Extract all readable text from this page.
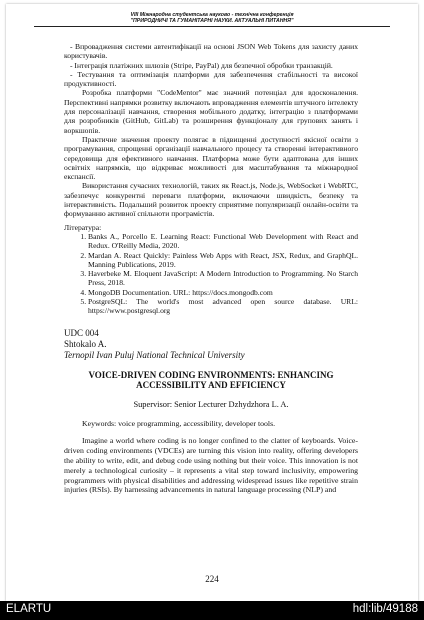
VIII Міжнародна студентська науково - технічна конференція
"ПРИРОДНИЧІ ТА ГУМАНІТАРНІ НАУКИ. АКТУАЛЬНІ ПИТАННЯ"

- Впровадження системи автентифікації на основі JSON Web Tokens для захисту даних користувачів.

- Інтеграція платіжних шлюзів (Stripe, PayPal) для безпечної обробки транзакцій.

- Тестування та оптимізація платформи для забезпечення стабільності та високої продуктивності.

Розробка платформи "CodeMentor" має значний потенціал для вдосконалення. Перспективні напрямки розвитку включають впровадження елементів штучного інтелекту для персоналізації навчання, створення мобільного додатку, інтеграцію з платформами для розробників (GitHub, GitLab) та розширення функціоналу для групових занять і воркшопів.

Практичне значення проекту полягає в підвищенні доступності якісної освіти з програмування, спрощенні організації навчального процесу та створенні інтерактивного середовища для ефективного навчання. Платформа може бути адаптована для інших освітніх напрямків, що відкриває можливості для масштабування та міжнародної експансії.

Використання сучасних технологій, таких як React.js, Node.js, WebSocket і WebRTC, забезпечує конкурентні переваги платформи, включаючи швидкість, безпеку та інтерактивність. Подальший розвиток проекту сприятиме популяризації онлайн-освіти та формуванню активної спільноти програмістів.

Література:
1. Banks A., Porcello E. Learning React: Functional Web Development with React and Redux. O'Reilly Media, 2020.
2. Mardan A. React Quickly: Painless Web Apps with React, JSX, Redux, and GraphQL. Manning Publications, 2019.
3. Haverbeke M. Eloquent JavaScript: A Modern Introduction to Programming. No Starch Press, 2018.
4. MongoDB Documentation. URL: https://docs.mongodb.com
5. PostgreSQL: The world's most advanced open source database. URL: https://www.postgresql.org
UDC 004
Shtokalo A.
Ternopil Ivan Puluj National Technical University
VOICE-DRIVEN CODING ENVIRONMENTS: ENHANCING ACCESSIBILITY AND EFFICIENCY
Supervisor: Senior Lecturer Dzhydzhora L. A.
Keywords: voice programming, accessibility, developer tools.

Imagine a world where coding is no longer confined to the clatter of keyboards. Voice-driven coding environments (VDCEs) are turning this vision into reality, offering developers the ability to write, edit, and debug code using nothing but their voice. This innovation is not merely a technological curiosity – it represents a vital step toward inclusivity, empowering programmers with physical disabilities and addressing widespread issues like repetitive strain injuries (RSIs). By harnessing advancements in natural language processing (NLP) and

224
ELARTU	hdl:lib/49188
